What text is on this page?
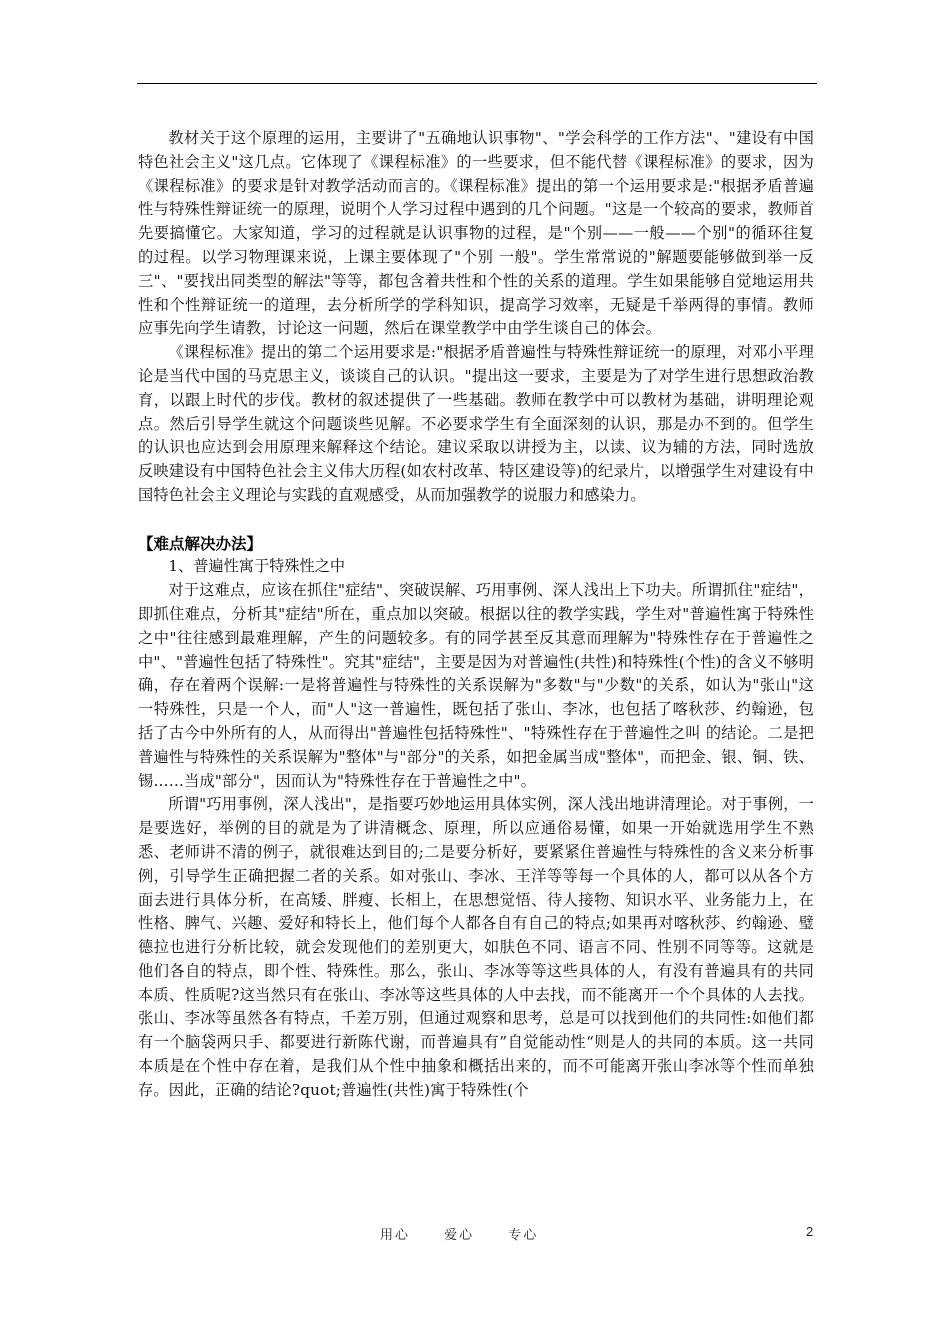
教材关于这个原理的运用，主要讲了"五确地认识事物"、"学会科学的工作方法"、"建设有中国特色社会主义"这几点。它体现了《课程标准》的一些要求，但不能代替《课程标准》的要求，因为《课程标准》的要求是针对教学活动而言的。《课程标准》提出的第一个运用要求是:"根据矛盾普遍性与特殊性辩证统一的原理，说明个人学习过程中遇到的几个问题。"这是一个较高的要求，教师首先要搞懂它。大家知道，学习的过程就是认识事物的过程，是"个别——一般——个别"的循环往复的过程。以学习物理课来说，上课主要体现了"个别 一般"。学生常常说的"解题要能够做到举一反三"、"要找出同类型的解法"等等，都包含着共性和个性的关系的道理。学生如果能够自觉地运用共性和个性辩证统一的道理，去分析所学的学科知识，提高学习效率，无疑是千举两得的事情。教师应事先向学生请教，讨论这一问题，然后在课堂教学中由学生谈自己的体会。

《课程标准》提出的第二个运用要求是:"根据矛盾普遍性与特殊性辩证统一的原理，对邓小平理论是当代中国的马克思主义，谈谈自己的认识。"提出这一要求，主要是为了对学生进行思想政治教育，以跟上时代的步伐。教材的叙述提供了一些基础。教师在教学中可以教材为基础，讲明理论观点。然后引导学生就这个问题谈些见解。不必要求学生有全面深刻的认识，那是办不到的。但学生的认识也应达到会用原理来解释这个结论。建议采取以讲授为主，以读、议为辅的方法，同时选放反映建设有中国特色社会主义伟大历程(如农村改革、特区建设等)的纪录片，以增强学生对建设有中国特色社会主义理论与实践的直观感受，从而加强教学的说服力和感染力。

【难点解决办法】

1、普遍性寓于特殊性之中

对于这难点，应该在抓住"症结"、突破误解、巧用事例、深人浅出上下功夫。所谓抓住"症结"，即抓住难点，分析其"症结"所在，重点加以突破。根据以往的教学实践，学生对"普遍性寓于特殊性之中"往往感到最难理解，产生的问题较多。有的同学甚至反其意而理解为"特殊性存在于普遍性之中"、"普遍性包括了特殊性"。究其"症结"，主要是因为对普遍性(共性)和特殊性(个性)的含义不够明确，存在着两个误解:一是将普遍性与特殊性的关系误解为"多数"与"少数"的关系，如认为"张山"这一特殊性，只是一个人，而"人"这一普遍性，既包括了张山、李冰，也包括了喀秋莎、约翰逊，包括了古今中外所有的人，从而得出"普遍性包括特殊性"、"特殊性存在于普遍性之叫 的结论。二是把普遍性与特殊性的关系误解为"整体"与"部分"的关系，如把金属当成"整体"，而把金、银、铜、铁、锡……当成"部分"，因而认为"特殊性存在于普遍性之中"。

所谓"巧用事例，深人浅出"，是指要巧妙地运用具体实例，深人浅出地讲清理论。对于事例，一是要选好，举例的目的就是为了讲清概念、原理，所以应通俗易懂，如果一开始就选用学生不熟悉、老师讲不清的例子，就很难达到目的;二是要分析好，要紧紧住普遍性与特殊性的含义来分析事例，引导学生正确把握二者的关系。如对张山、李冰、王洋等等每一个具体的人，都可以从各个方面去进行具体分析，在高矮、胖瘦、长相上，在思想觉悟、待人接物、知识水平、业务能力上，在性格、脾气、兴趣、爱好和特长上，他们每个人都各自有自己的特点;如果再对喀秋莎、约翰逊、璧德拉也进行分析比较，就会发现他们的差别更大，如肤色不同、语言不同、性别不同等等。这就是他们各自的特点，即个性、特殊性。那么，张山、李冰等等这些具体的人，有没有普遍具有的共同本质、性质呢?这当然只有在张山、李冰等这些具体的人中去找，而不能离开一个个具体的人去找。张山、李冰等虽然各有特点，千差万别，但通过观察和思考，总是可以找到他们的共同性:如他们都有一个脑袋两只手、都要进行新陈代谢，而普遍具有”自觉能动性“则是人的共同的本质。这一共同本质是在个性中存在着，是我们从个性中抽象和概括出来的，而不可能离开张山李冰等个性而单独存。因此，正确的结论?quot;普遍性(共性)寓于特殊性(个

用心 爱心 专心	2
